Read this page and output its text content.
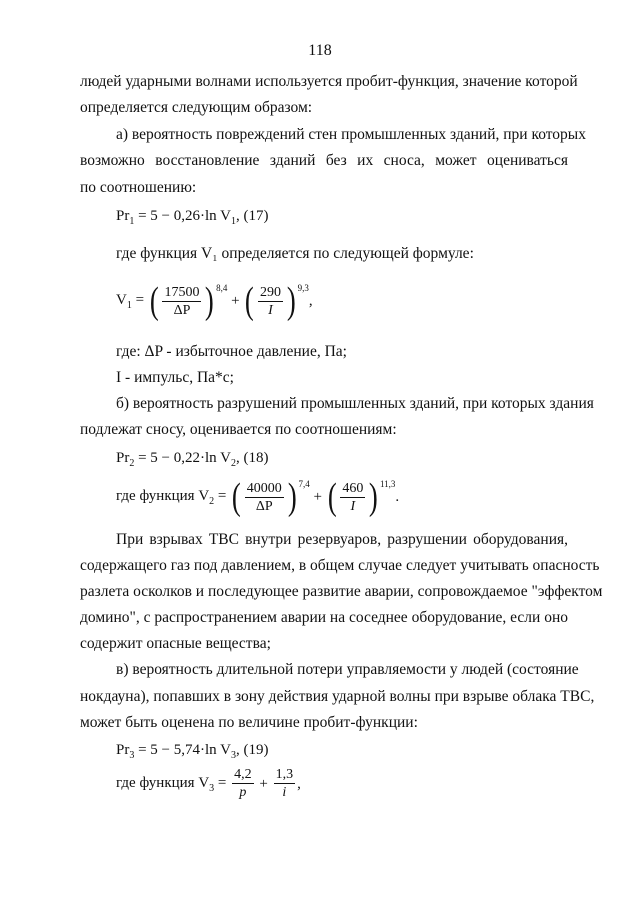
118
людей ударными волнами используется пробит-функция, значение которой
определяется следующим образом:
а) вероятность повреждений стен промышленных зданий, при которых
возможно восстановление зданий без их сноса, может оцениваться
по соотношению:
$Pr_1 = 5 - 0,26\cdot\ln$ $V_1$, (17)
где функция V₁ определяется по следующей формуле:
$V_1$ = ( $\frac{17500}{\Delta P}$ ) $^{8,4}$ + ( $\frac{290}{I}$ ) $^{9,3}$,
где: ΔP - избыточное давление, Па;
I - импульс, Па*с;
б) вероятность разрушений промышленных зданий, при которых здания
подлежат сносу, оценивается по соотношениям:
$Pr_2 = 5 - 0,22\cdot\ln$ $V_2$, (18)
где функция $V_2$ = ( $\frac{40000}{\Delta P}$ ) $^{7,4}$ + ( $\frac{460}{I}$ ) $^{11,3}$.
При взрывах ТВС внутри резервуаров, разрушении оборудования,
содержащего газ под давлением, в общем случае следует учитывать опасность
разлета осколков и последующее развитие аварии, сопровождаемое "эффектом
домино", с распространением аварии на соседнее оборудование, если оно
содержит опасные вещества;
в) вероятность длительной потери управляемости у людей (состояние
нокдауна), попавших в зону действия ударной волны при взрыве облака ТВС,
может быть оценена по величине пробит-функции:
$Pr_3 = 5 - 5,74\cdot\ln$ $V_3$, (19)
где функция $V_3 = \frac{4,2}{p} + \frac{1,3}{i}$ ,
